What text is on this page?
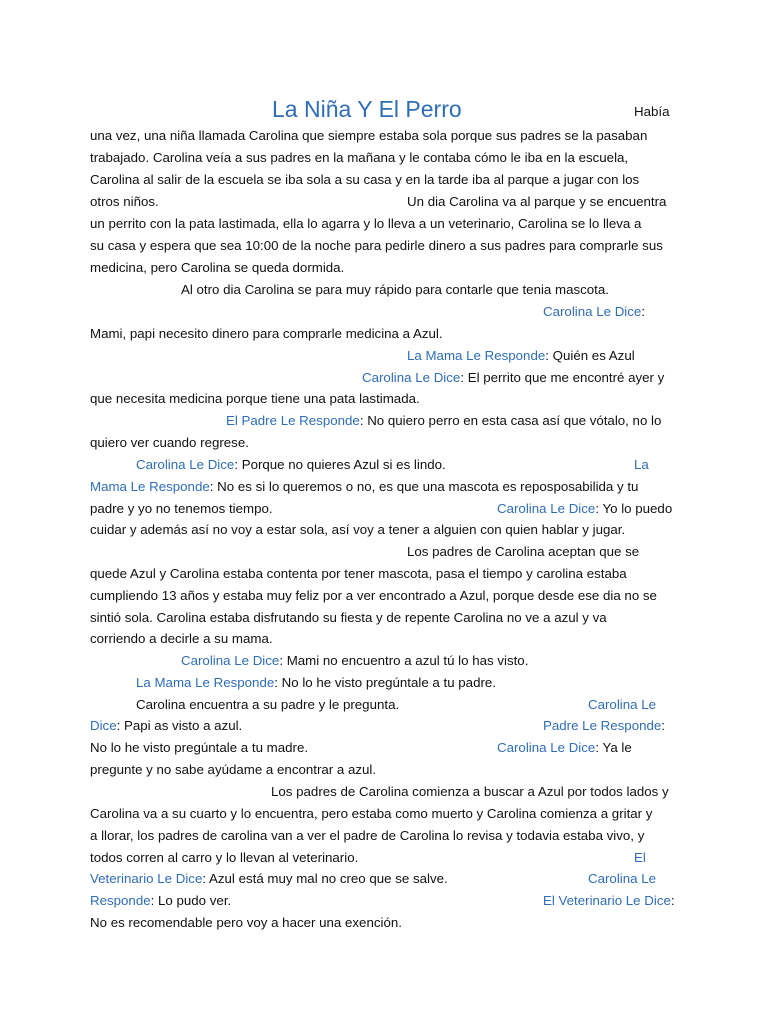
La Niña Y El Perro	Había
una vez, una niña llamada Carolina que siempre estaba sola porque sus padres se la pasaban
trabajado. Carolina veía a sus padres en la mañana y le contaba cómo le iba en la escuela,
Carolina al salir de la escuela se iba sola a su casa y en la tarde iba al parque a jugar con los
otros niños.	Un dia Carolina va al parque y se encuentra
un perrito con la pata lastimada, ella lo agarra y lo lleva a un veterinario, Carolina se lo lleva a
su casa y espera que sea 10:00 de la noche para pedirle dinero a sus padres para comprarle sus
medicina, pero Carolina se queda dormida.
Al otro dia Carolina se para muy rápido para contarle que tenia mascota.
Carolina Le Dice:
Mami, papi necesito dinero para comprarle medicina a Azul.
La Mama Le Responde: Quién es Azul
Carolina Le Dice: El perrito que me encontré ayer y
que necesita medicina porque tiene una pata lastimada.
El Padre Le Responde: No quiero perro en esta casa así que vótalo, no lo
quiero ver cuando regrese.
Carolina Le Dice: Porque no quieres Azul si es lindo.	La
Mama Le Responde: No es si lo queremos o no, es que una mascota es reposposabilida y tu
padre y yo no tenemos tiempo.	Carolina Le Dice: Yo lo puedo
cuidar y además así no voy a estar sola, así voy a tener a alguien con quien hablar y jugar.
Los padres de Carolina aceptan que se
quede Azul y Carolina estaba contenta por tener mascota, pasa el tiempo y carolina estaba
cumpliendo 13 años y estaba muy feliz por a ver encontrado a Azul, porque desde ese dia no se
sintió sola. Carolina estaba disfrutando su fiesta y de repente Carolina no ve a azul y va
corriendo a decirle a su mama.
Carolina Le Dice: Mami no encuentro a azul tú lo has visto.
La Mama Le Responde: No lo he visto pregúntale a tu padre.
Carolina encuentra a su padre y le pregunta.	Carolina Le
Dice: Papi as visto a azul.	Padre Le Responde:
No lo he visto pregúntale a tu madre.	Carolina Le Dice: Ya le
pregunte y no sabe ayúdame a encontrar a azul.
Los padres de Carolina comienza a buscar a Azul por todos lados y
Carolina va a su cuarto y lo encuentra, pero estaba como muerto y Carolina comienza a gritar y
a llorar, los padres de carolina van a ver el padre de Carolina lo revisa y todavia estaba vivo, y
todos corren al carro y lo llevan al veterinario.	El
Veterinario Le Dice: Azul está muy mal no creo que se salve.	Carolina Le
Responde: Lo pudo ver.	El Veterinario Le Dice:
No es recomendable pero voy a hacer una exención.
